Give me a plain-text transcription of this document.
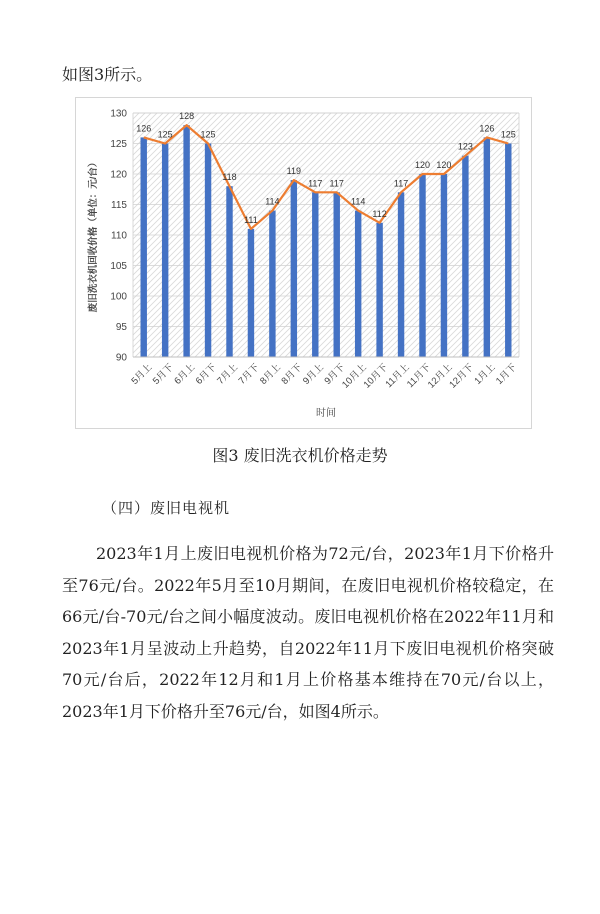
如图3所示。
130
125
120
115
110
105
100
95
90
126
125
128
125
118
111
114
119
117 117
114
112
117
120 120
123
126
125
5月上
5月下
6月上
6月下
7月上
7月下
8月上
8月下
9月上
9月下
10月上
10月下
11月上
11月下
12月上
12月下
1月上
1月下
时间
废旧洗衣机回收价格（单位：元/台）
图3 废旧洗衣机价格走势
（四）废旧电视机
2023年1月上废旧电视机价格为72元/台，2023年1月下价格升至76元/台。2022年5月至10月期间，在废旧电视机价格较稳定，在66元/台-70元/台之间小幅度波动。废旧电视机价格在2022年11月和2023年1月呈波动上升趋势，自2022年11月下废旧电视机价格突破70元/台后，2022年12月和1月上价格基本维持在70元/台以上，2023年1月下价格升至76元/台，如图4所示。
